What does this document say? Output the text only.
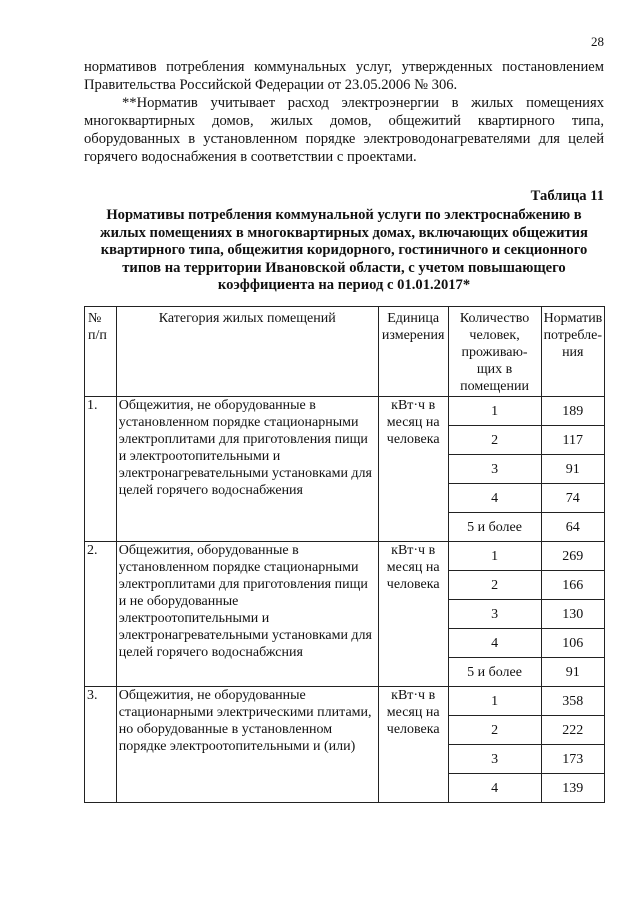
28

нормативов потребления коммунальных услуг, утвержденных постановлением Правительства Российской Федерации от 23.05.2006 № 306.

**Норматив учитывает расход электроэнергии в жилых помещениях многоквартирных домов, жилых домов, общежитий квартирного типа, оборудованных в установленном порядке электроводонагревателями для целей горячего водоснабжения в соответствии с проектами.

Таблица 11

Нормативы потребления коммунальной услуги по электроснабжению в жилых помещениях в многоквартирных домах, включающих общежития квартирного типа, общежития коридорного, гостиничного и секционного типов на территории Ивановской области, с учетом повышающего коэффициента на период с 01.01.2017*

№ п/п	Категория жилых помещений	Единица измерения	Количество человек, проживаю-щих в помещении	Норматив потребле-ния
1.	Общежития, не оборудованные в установленном порядке стационарными электроплитами для приготовления пищи и электроотопительными и электронагревательными установками для целей горячего водоснабжения	кВт·ч в месяц на человека	1	189
			2	117
			3	91
			4	74
			5 и более	64
2.	Общежития, оборудованные в установленном порядке стационарными электроплитами для приготовления пищи и не оборудованные электроотопительными и электронагревательными установками для целей горячего водоснабжсния	кВт·ч в месяц на человека	1	269
			2	166
			3	130
			4	106
			5 и более	91
3.	Общежития, не оборудованные стационарными электрическими плитами, но оборудованные в установленном порядке электроотопительными и (или)	кВт·ч в месяц на человека	1	358
			2	222
			3	173
			4	139
